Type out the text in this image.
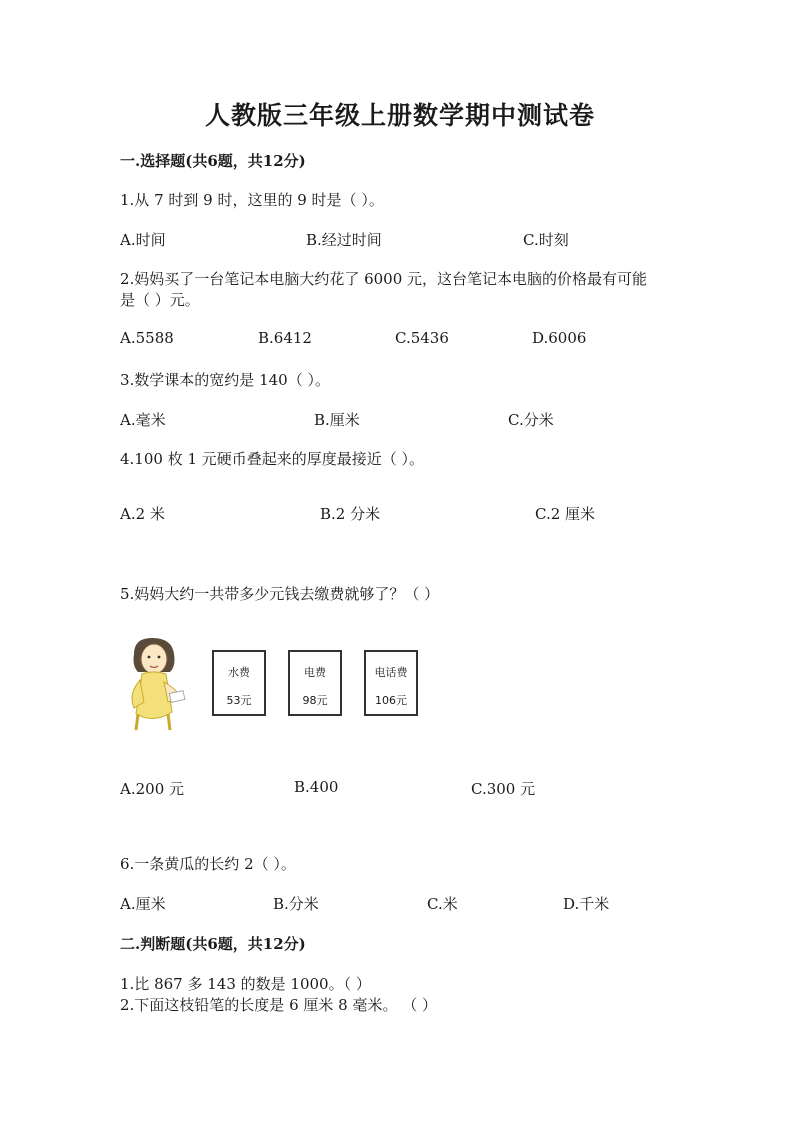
人教版三年级上册数学期中测试卷
一.选择题(共6题，共12分)
1.从 7 时到 9 时，这里的 9 时是（ ）。
A.时间	B.经过时间	C.时刻
2.妈妈买了一台笔记本电脑大约花了 6000 元，这台笔记本电脑的价格最有可能
是（ ）元。
A.5588	B.6412	C.5436	D.6006
3.数学课本的宽约是 140（ ）。
A.毫米	B.厘米	C.分米
4.100 枚 1 元硬币叠起来的厚度最接近（ ）。
A.2 米	B.2 分米	C.2 厘米
5.妈妈大约一共带多少元钱去缴费就够了？（ ）
水费
53元
电费
98元
电话费
106元
A.200 元	B.400	C.300 元
6.一条黄瓜的长约 2（ ）。
A.厘米	B.分米	C.米	D.千米
二.判断题(共6题，共12分)
1.比 867 多 143 的数是 1000。（ ）
2.下面这枝铅笔的长度是 6 厘米 8 毫米。 （ ）
